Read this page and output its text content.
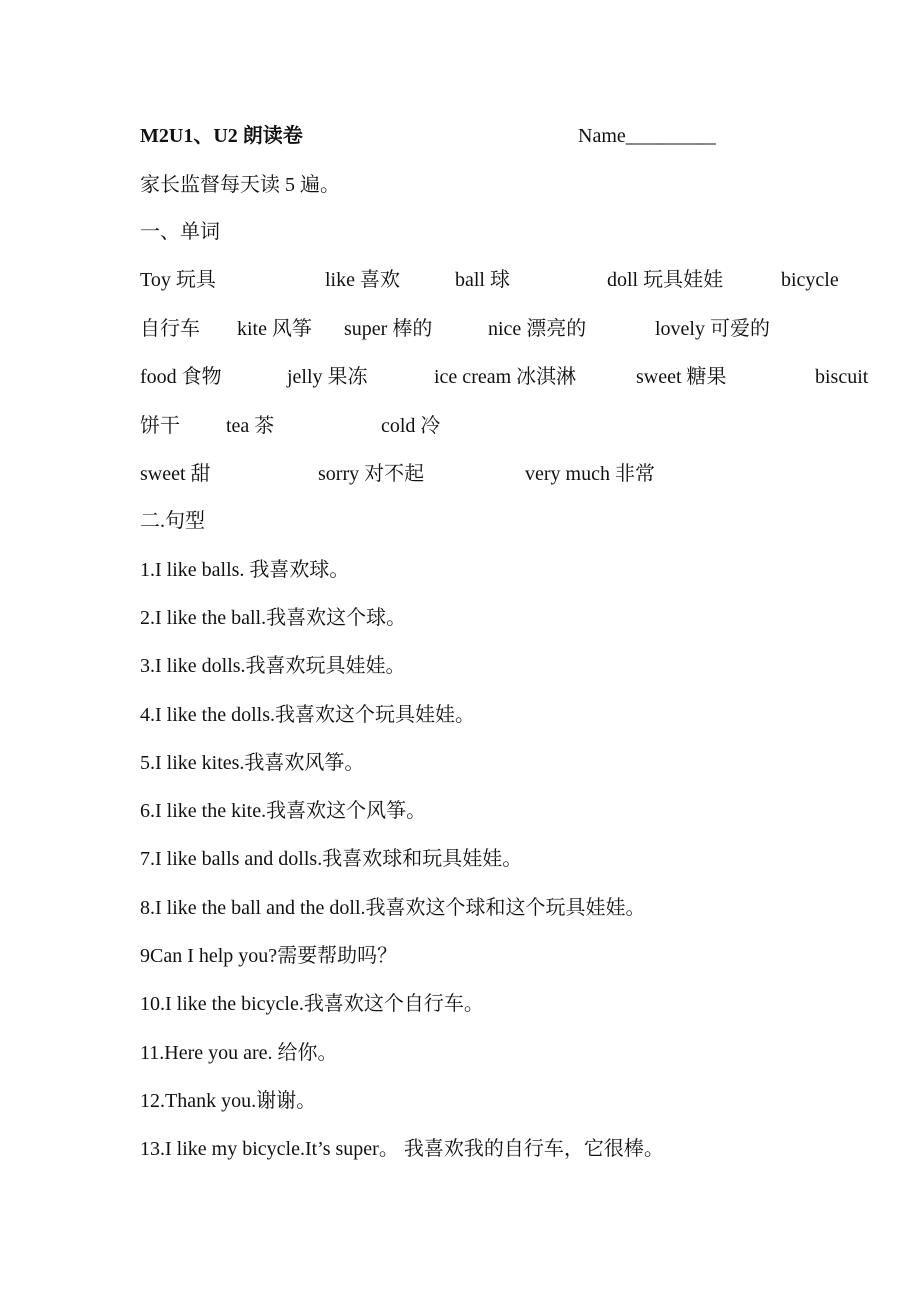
M2U1、U2 朗读卷	Name_________
家长监督每天读 5 遍。
一、单词
Toy 玩具	like 喜欢	ball 球	doll 玩具娃娃	bicycle
自行车 kite 风筝 super 棒的	nice 漂亮的	lovely 可爱的
food 食物	jelly 果冻	ice cream 冰淇淋	sweet 糖果	biscuit
饼干 tea 茶	cold 冷
sweet 甜	sorry 对不起	very much 非常
二.句型
1.I like balls. 我喜欢球。
2.I like the ball.我喜欢这个球。
3.I like dolls.我喜欢玩具娃娃。
4.I like the dolls.我喜欢这个玩具娃娃。
5.I like kites.我喜欢风筝。
6.I like the kite.我喜欢这个风筝。
7.I like balls and dolls.我喜欢球和玩具娃娃。
8.I like the ball and the doll.我喜欢这个球和这个玩具娃娃。
9Can I help you?需要帮助吗？
10.I like the bicycle.我喜欢这个自行车。
11.Here you are. 给你。
12.Thank you.谢谢。
13.I like my bicycle.It’s super。 我喜欢我的自行车，它很棒。
